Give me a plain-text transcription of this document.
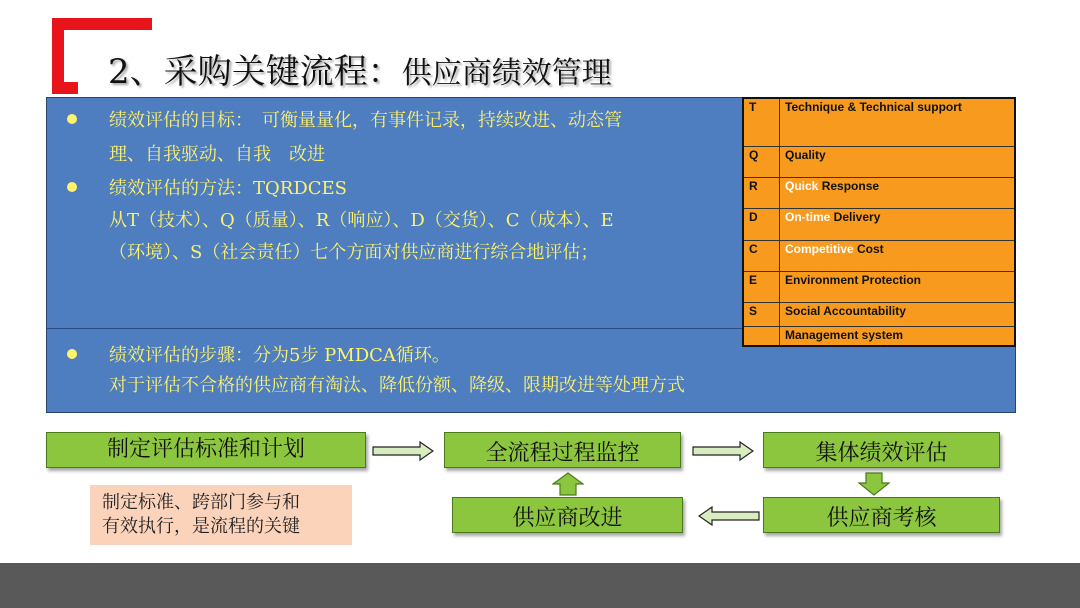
2、采购关键流程：供应商绩效管理

绩效评估的目标：　可衡量量化，有事件记录，持续改进、动态管

理、自我驱动、自我　改进

绩效评估的方法：TQRDCES

从T（技术）、Q（质量）、R（响应）、D（交货）、C（成本）、E

（环境）、S（社会责任）七个方面对供应商进行综合地评估；

绩效评估的步骤：分为5步 PMDCA循环。

对于评估不合格的供应商有淘汰、降低份额、降级、限期改进等处理方式

T	Technique & Technical support
Q	Quality
R	Quick Response
D	On-time Delivery
C	Competitive Cost
E	Environment Protection
S	Social Accountability
	Management system
制定评估标准和计划	全流程过程监控	集体绩效评估
供应商考核
供应商改进
制定标准、跨部门参与和
有效执行，是流程的关键
